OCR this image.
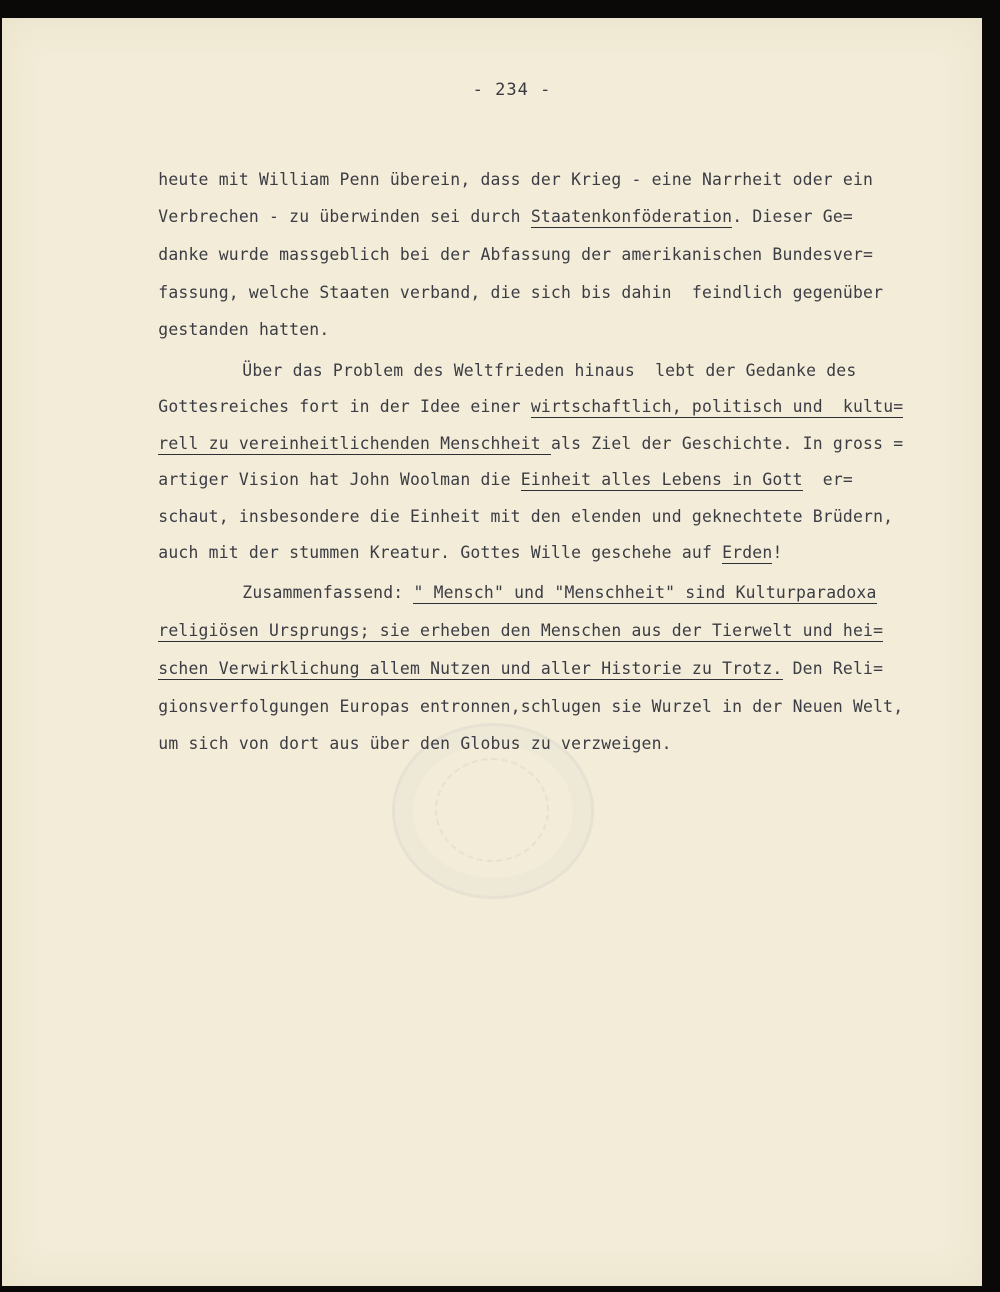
- 234 -

heute mit William Penn überein, dass der Krieg - eine Narrheit oder ein

Verbrechen - zu überwinden sei durch Staatenkonföderation. Dieser Ge=

danke wurde massgeblich bei der Abfassung der amerikanischen Bundesver=

fassung, welche Staaten verband, die sich bis dahin  feindlich gegenüber

gestanden hatten.

Über das Problem des Weltfrieden hinaus  lebt der Gedanke des

Gottesreiches fort in der Idee einer wirtschaftlich, politisch und  kultu=

rell zu vereinheitlichenden Menschheit als Ziel der Geschichte. In gross =

artiger Vision hat John Woolman die Einheit alles Lebens in Gott  er=

schaut, insbesondere die Einheit mit den elenden und geknechtete Brüdern,

auch mit der stummen Kreatur. Gottes Wille geschehe auf Erden!

Zusammenfassend: " Mensch" und "Menschheit" sind Kulturparadoxa

religiösen Ursprungs; sie erheben den Menschen aus der Tierwelt und hei=

schen Verwirklichung allem Nutzen und aller Historie zu Trotz. Den Reli=

gionsverfolgungen Europas entronnen,schlugen sie Wurzel in der Neuen Welt,

um sich von dort aus über den Globus zu verzweigen.
